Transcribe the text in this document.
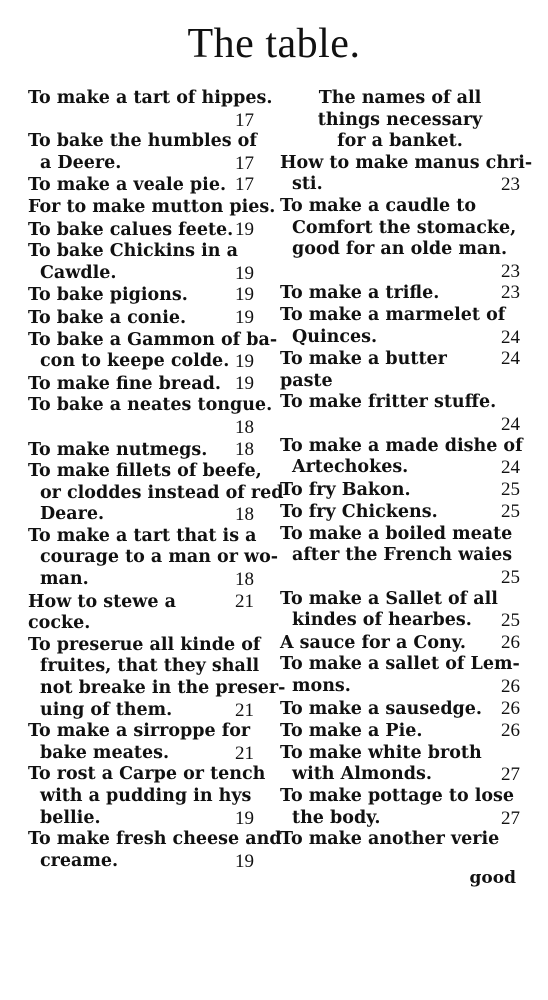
The table.
To make a tart of hippes.
17
To bake the humbles of
a Deere.	17
To make a veale pie. 17
For to make mutton pies.
To bake calues feete. 19
To bake Chickins in a
Cawdle.	19
To bake pigions. 19
To bake a conie.	19
To bake a Gammon of ba-
con to keepe colde. 19
To make fine bread. 19
To bake a neates tongue.
18
To make nutmegs. 18
To make fillets of beefe,
or cloddes instead of red
Deare.	18
To make a tart that is a
courage to a man or wo-
man.	18
How to stewe a cocke.
21
To preserue all kinde of
fruites, that they shall
not breake in the preser-
uing of them.	21
To make a sirroppe for
bake meates.	21
To rost a Carpe or tench
with a pudding in hys
bellie.	19
To make fresh cheese and
creame.	19
The names of all
things necessary
for a banket.
How to make manus chri-
sti.	23
To make a caudle to
Comfort the stomacke,
good for an olde man.
23
To make a trifle.	23
To make a marmelet of
Quinces.	24
To make a butter paste
24
To make fritter stuffe.
24
To make a made dishe of
Artechokes.	24
To fry Bakon.	25
To fry Chickens.	25
To make a boiled meate
after the French waies
25
To make a Sallet of all
kindes of hearbes. 25
A sauce for a Cony. 26
To make a sallet of Lem-
mons.	26
To make a sausedge. 26
To make a Pie.	26
To make white broth
with Almonds.	27
To make pottage to lose
the body.	27
To make another verie
good
